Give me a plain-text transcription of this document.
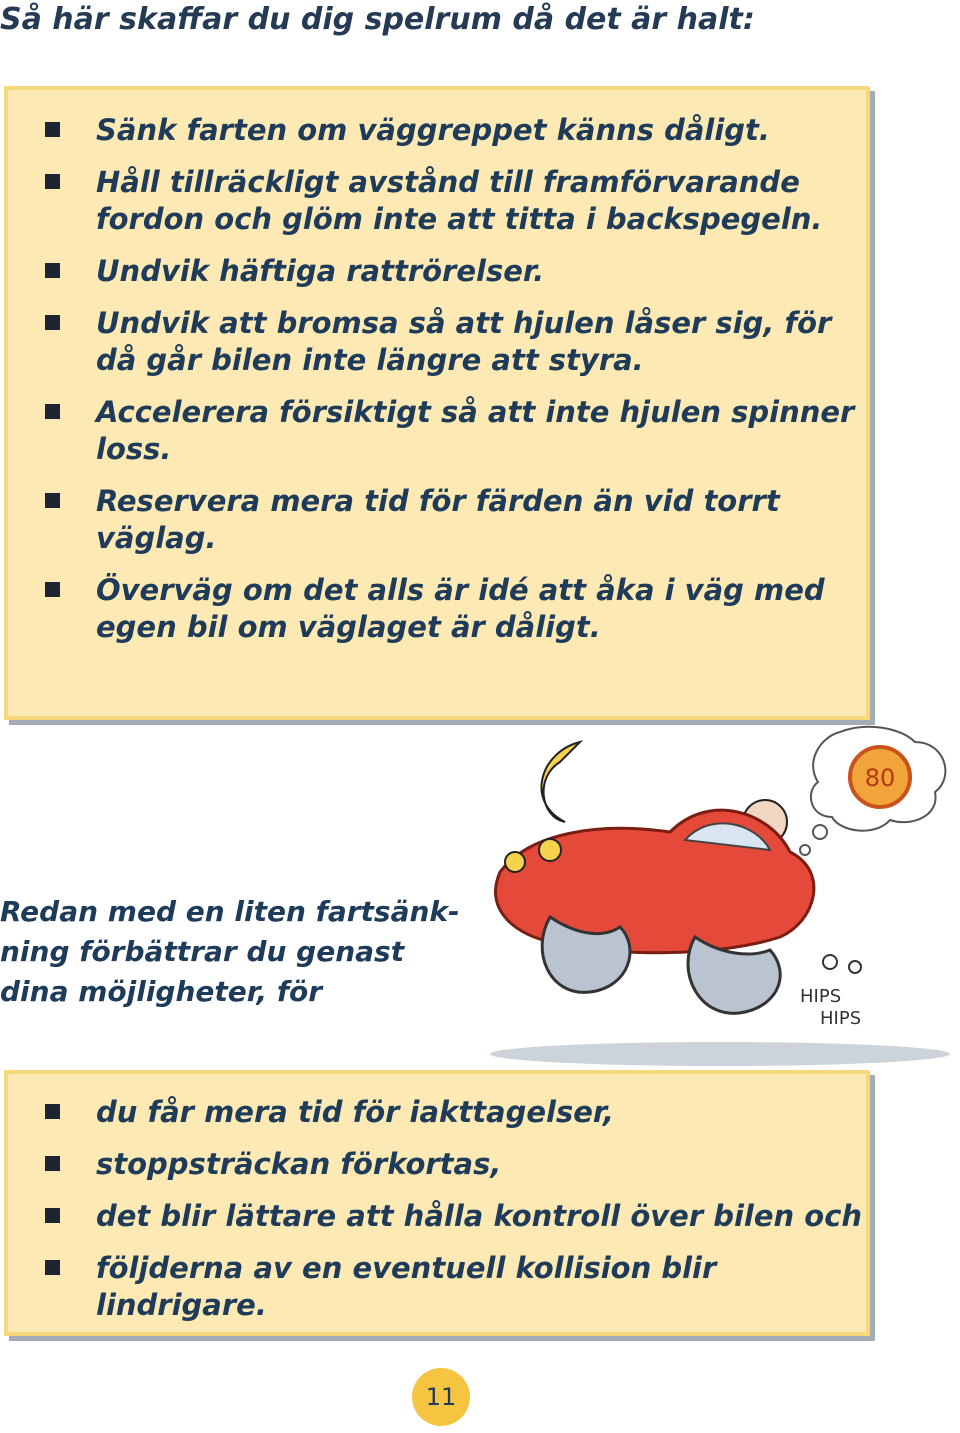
Så här skaffar du dig spelrum då det är halt:
Sänk farten om väggreppet känns dåligt.
Håll tillräckligt avstånd till framförvarande fordon och glöm inte att titta i backspegeln.
Undvik häftiga rattrörelser.
Undvik att bromsa så att hjulen låser sig, för då går bilen inte längre att styra.
Accelerera försiktigt så att inte hjulen spinner loss.
Reservera mera tid för färden än vid torrt väglag.
Överväg om det alls är idé att åka i väg med egen bil om väglaget är dåligt.
Redan med en liten fartsänk-
ning förbättrar du genast
dina möjligheter, för
80
HIPS
HIPS
du får mera tid för iakttagelser,
stoppsträckan förkortas,
det blir lättare att hålla kontroll över bilen och
följderna av en eventuell kollision blir lindrigare.
11
